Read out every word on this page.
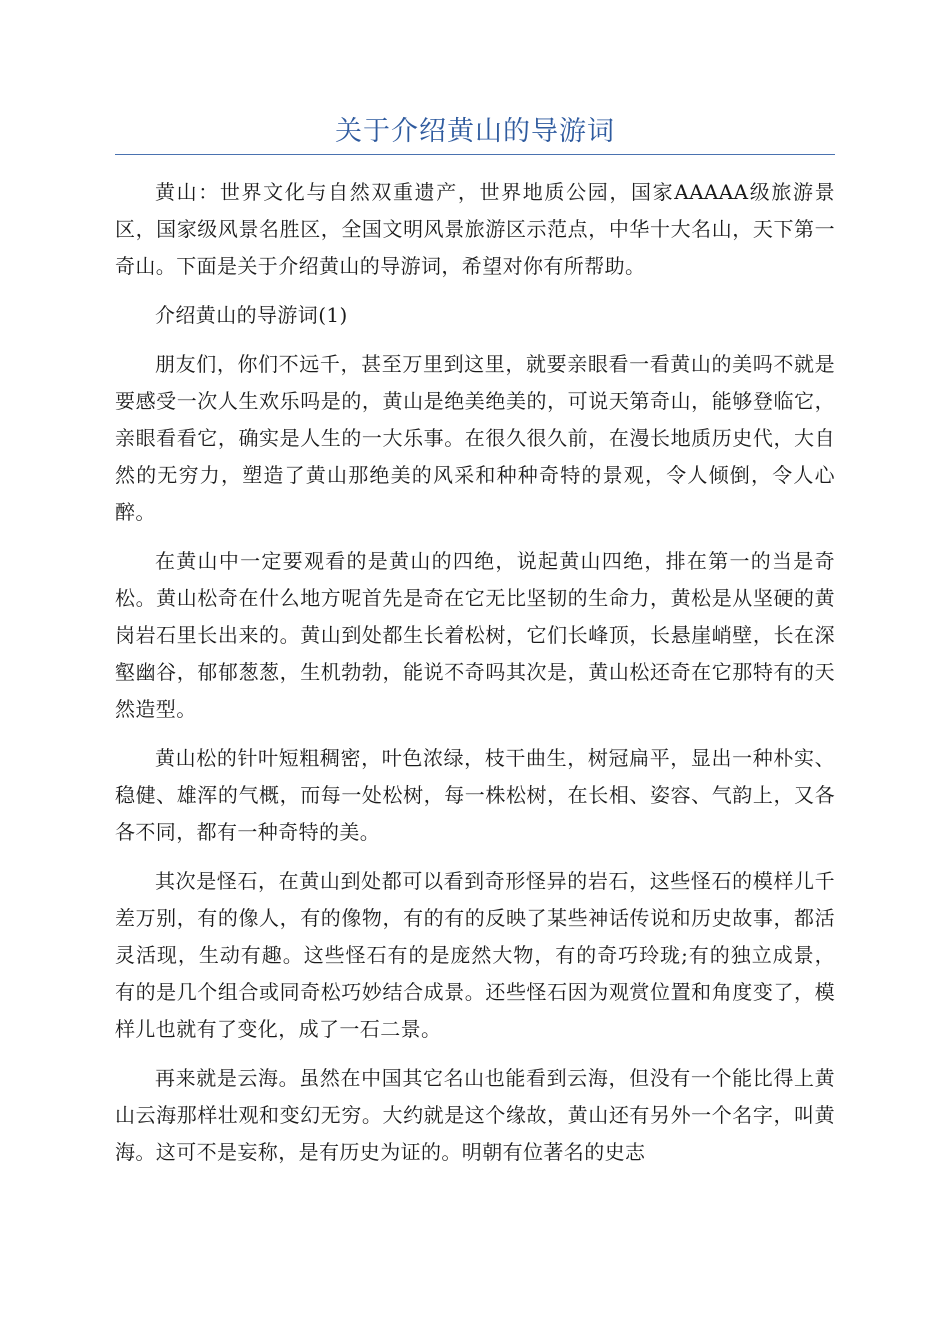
关于介绍黄山的导游词

黄山：世界文化与自然双重遗产，世界地质公园，国家AAAAA级旅游景区，国家级风景名胜区，全国文明风景旅游区示范点，中华十大名山，天下第一奇山。下面是关于介绍黄山的导游词，希望对你有所帮助。

介绍黄山的导游词(1)

朋友们，你们不远千，甚至万里到这里，就要亲眼看一看黄山的美吗不就是要感受一次人生欢乐吗是的，黄山是绝美绝美的，可说天第奇山，能够登临它，亲眼看看它，确实是人生的一大乐事。在很久很久前，在漫长地质历史代，大自然的无穷力，塑造了黄山那绝美的风采和种种奇特的景观，令人倾倒，令人心醉。

在黄山中一定要观看的是黄山的四绝，说起黄山四绝，排在第一的当是奇松。黄山松奇在什么地方呢首先是奇在它无比坚韧的生命力，黄松是从坚硬的黄岗岩石里长出来的。黄山到处都生长着松树，它们长峰顶，长悬崖峭壁，长在深壑幽谷，郁郁葱葱，生机勃勃，能说不奇吗其次是，黄山松还奇在它那特有的天然造型。

黄山松的针叶短粗稠密，叶色浓绿，枝干曲生，树冠扁平，显出一种朴实、稳健、雄浑的气概，而每一处松树，每一株松树，在长相、姿容、气韵上，又各各不同，都有一种奇特的美。

其次是怪石，在黄山到处都可以看到奇形怪异的岩石，这些怪石的模样儿千差万别，有的像人，有的像物，有的有的反映了某些神话传说和历史故事，都活灵活现，生动有趣。这些怪石有的是庞然大物，有的奇巧玲珑;有的独立成景，有的是几个组合或同奇松巧妙结合成景。还些怪石因为观赏位置和角度变了，模样儿也就有了变化，成了一石二景。

再来就是云海。虽然在中国其它名山也能看到云海，但没有一个能比得上黄山云海那样壮观和变幻无穷。大约就是这个缘故，黄山还有另外一个名字，叫黄海。这可不是妄称，是有历史为证的。明朝有位著名的史志
